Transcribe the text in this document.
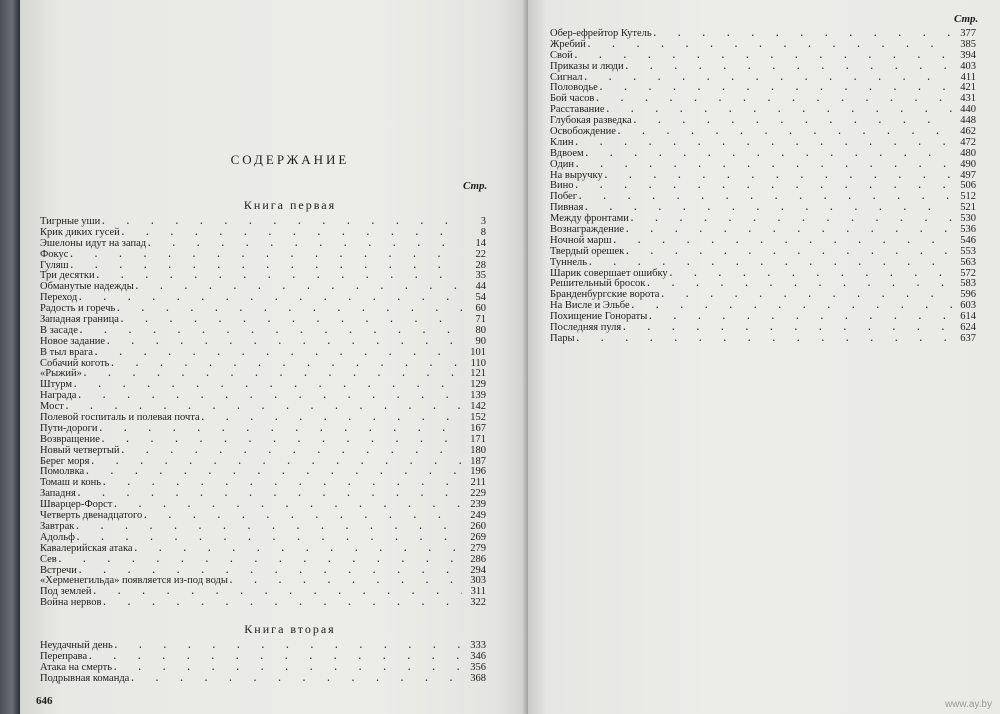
СОДЕРЖАНИЕ
Стр.
Книга первая
Тигрные уши . . .	3
Крик диких гусей . . .	8
Эшелоны идут на запад . . .	14
Фокус . . .	22
Гуляш . . .	28
Три десятки . . .	35
Обманутые надежды . . .	44
Переход . . .	54
Радость и горечь . . .	60
Западная граница . . .	71
В засаде . . .	80
Новое задание . . .	90
В тыл врага . . .	101
Собачий коготь . . .	110
«Рыжий» . . .	121
Штурм . . .	129
Награда . . .	139
Мост . . .	142
Полевой госпиталь и полевая почта . . .	152
Пути-дороги . . .	167
Возвращение . . .	171
Новый четвертый . . .	180
Берег моря . . .	187
Помолвка . . .	196
Томаш и конь . . .	211
Западня . . .	229
Шварцер-Форст . . .	239
Четверть двенадцатого . . .	249
Завтрак . . .	260
Адольф . . .	269
Кавалерийская атака . . .	279
Сев . . .	286
Встречи . . .	294
«Херменегильда» появляется из-под воды . . .	303
Под землей . . .	311
Война нервов . . .	322
Книга вторая
Неудачный день . . .	333
Переправа . . .	346
Атака на смерть . . .	356
Подрывная команда . . .	368
646
Стр.
Обер-ефрейтор Кутель . . .	377
Жребий . . .	385
Свой . . .	394
Приказы и люди . . .	403
Сигнал . . .	411
Половодье . . .	421
Бой часов . . .	431
Расставание . . .	440
Глубокая разведка . . .	448
Освобождение . . .	462
Клин . . .	472
Вдвоем . . .	480
Один . . .	490
На выручку . . .	497
Вино . . .	506
Побег . . .	512
Пивная . . .	521
Между фронтами . . .	530
Вознаграждение . . .	536
Ночной марш . . .	546
Твердый орешек . . .	553
Туннель . . .	563
Шарик совершает ошибку . . .	572
Решительный бросок . . .	583
Бранденбургские ворота . . .	596
На Висле и Эльбе . . .	603
Похищение Гонораты . . .	614
Последняя пуля . . .	624
Пары . . .	637
www.ay.by
